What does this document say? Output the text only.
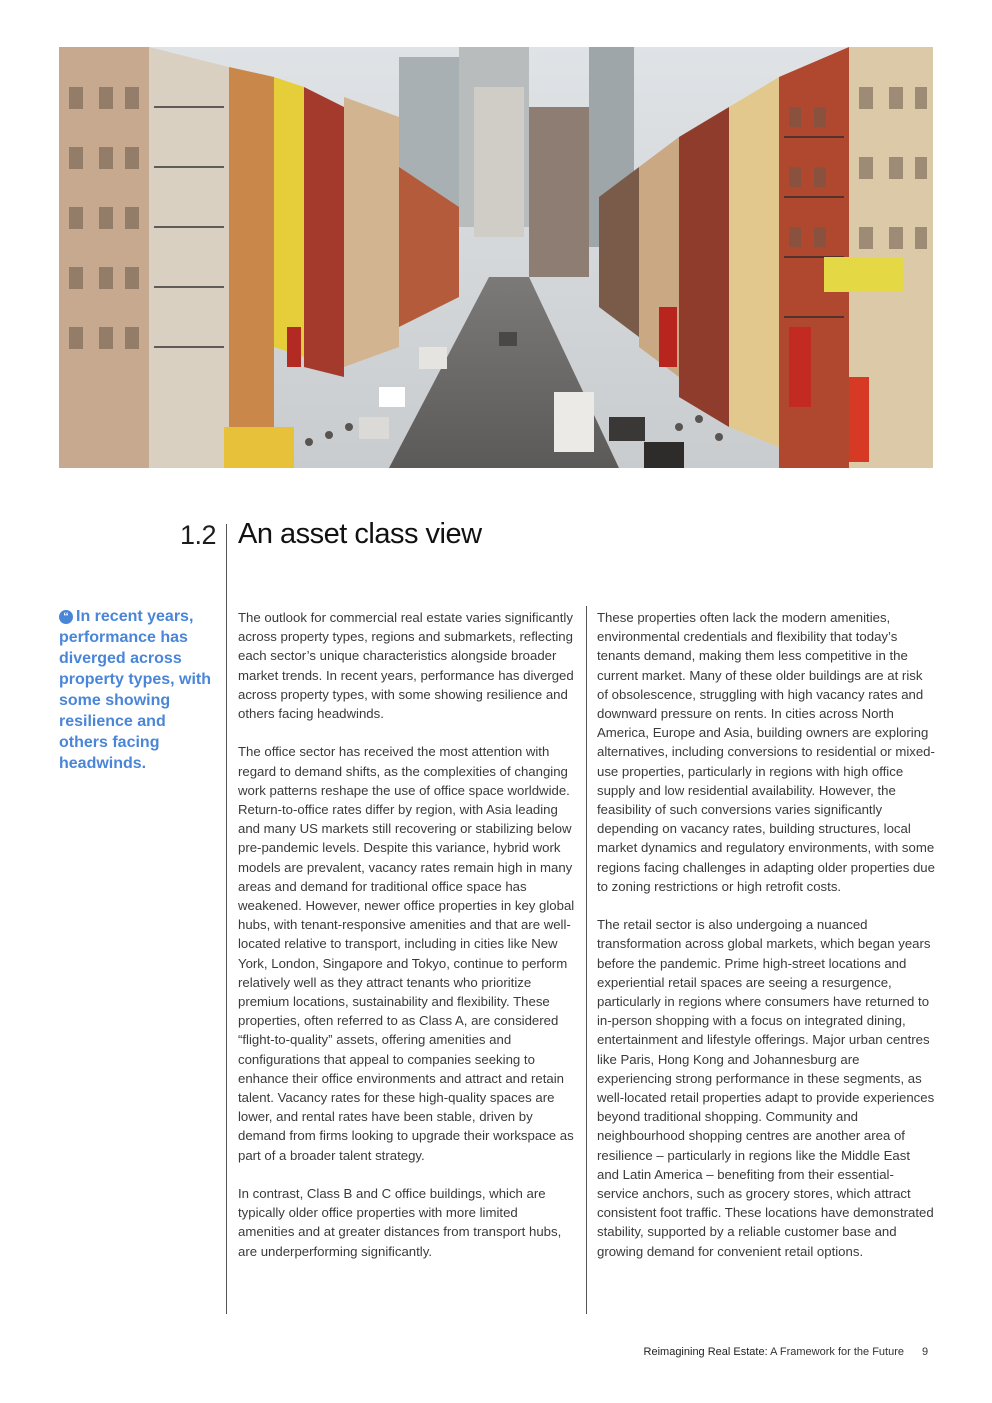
1.2 An asset class view
“ In recent years, performance has diverged across property types, with some showing resilience and others facing headwinds.

The outlook for commercial real estate varies significantly across property types, regions and submarkets, reflecting each sector’s unique characteristics alongside broader market trends. In recent years, performance has diverged across property types, with some showing resilience and others facing headwinds.

The office sector has received the most attention with regard to demand shifts, as the complexities of changing work patterns reshape the use of office space worldwide. Return-to-office rates differ by region, with Asia leading and many US markets still recovering or stabilizing below pre-pandemic levels. Despite this variance, hybrid work models are prevalent, vacancy rates remain high in many areas and demand for traditional office space has weakened. However, newer office properties in key global hubs, with tenant-responsive amenities and that are well-located relative to transport, including in cities like New York, London, Singapore and Tokyo, continue to perform relatively well as they attract tenants who prioritize premium locations, sustainability and flexibility. These properties, often referred to as Class A, are considered “flight-to-quality” assets, offering amenities and configurations that appeal to companies seeking to enhance their office environments and attract and retain talent. Vacancy rates for these high-quality spaces are lower, and rental rates have been stable, driven by demand from firms looking to upgrade their workspace as part of a broader talent strategy.

In contrast, Class B and C office buildings, which are typically older office properties with more limited amenities and at greater distances from transport hubs, are underperforming significantly.

These properties often lack the modern amenities, environmental credentials and flexibility that today’s tenants demand, making them less competitive in the current market. Many of these older buildings are at risk of obsolescence, struggling with high vacancy rates and downward pressure on rents. In cities across North America, Europe and Asia, building owners are exploring alternatives, including conversions to residential or mixed-use properties, particularly in regions with high office supply and low residential availability. However, the feasibility of such conversions varies significantly depending on vacancy rates, building structures, local market dynamics and regulatory environments, with some regions facing challenges in adapting older properties due to zoning restrictions or high retrofit costs.

The retail sector is also undergoing a nuanced transformation across global markets, which began years before the pandemic. Prime high-street locations and experiential retail spaces are seeing a resurgence, particularly in regions where consumers have returned to in-person shopping with a focus on integrated dining, entertainment and lifestyle offerings. Major urban centres like Paris, Hong Kong and Johannesburg are experiencing strong performance in these segments, as well-located retail properties adapt to provide experiences beyond traditional shopping. Community and neighbourhood shopping centres are another area of resilience – particularly in regions like the Middle East and Latin America – benefiting from their essential-service anchors, such as grocery stores, which attract consistent foot traffic. These locations have demonstrated stability, supported by a reliable customer base and growing demand for convenient retail options.

Reimagining Real Estate: A Framework for the Future 9
